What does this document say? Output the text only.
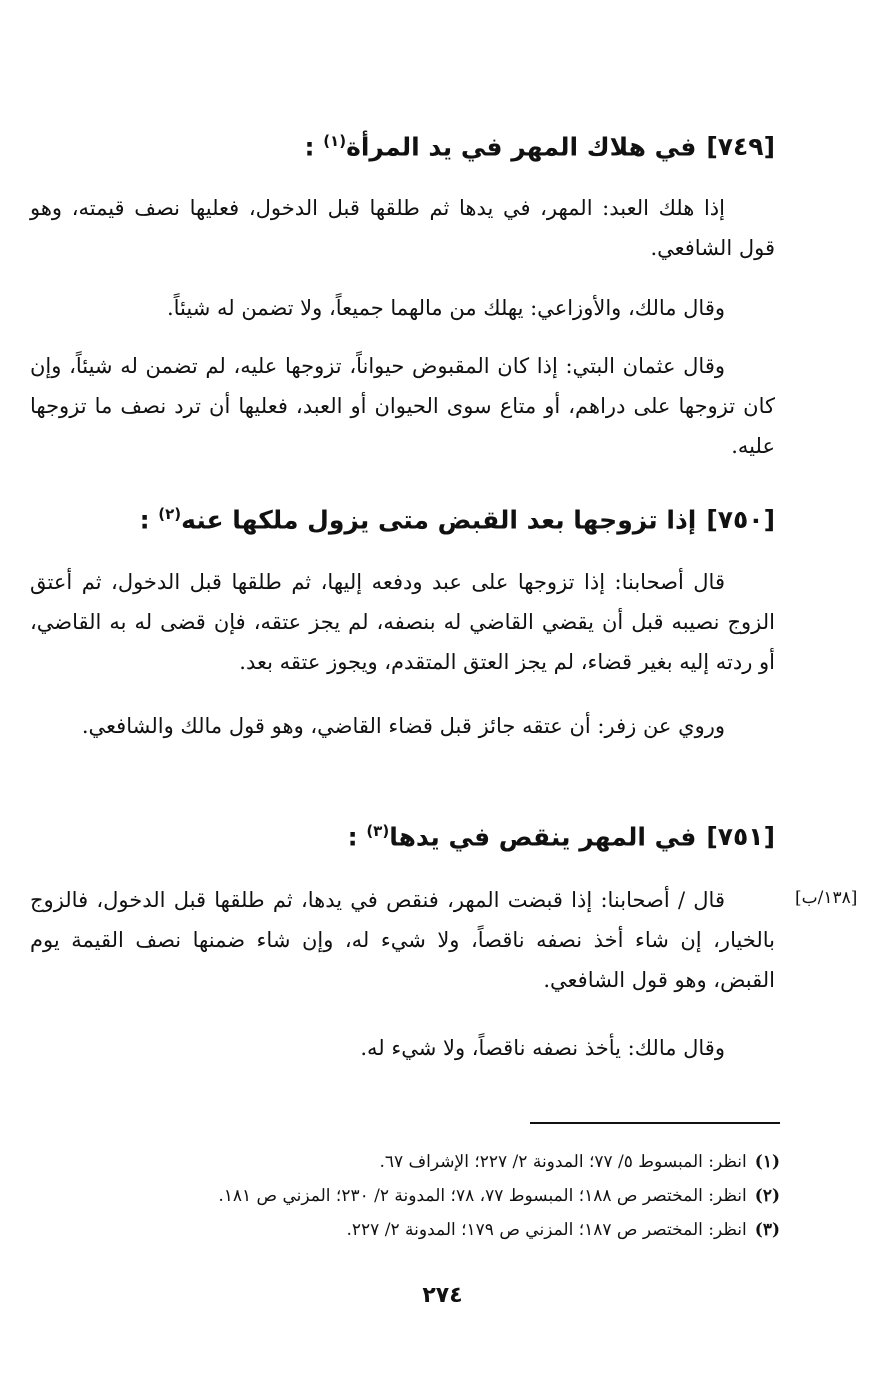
[٧٤٩]في هلاك المهر في يد المرأة$^{(١)}$ :

إذا هلك العبد: المهر، في يدها ثم طلقها قبل الدخول، فعليها نصف قيمته، وهو قول الشافعي.

وقال مالك، والأوزاعي: يهلك من مالهما جميعاً، ولا تضمن له شيئاً.

وقال عثمان البتي: إذا كان المقبوض حيواناً، تزوجها عليه، لم تضمن له شيئاً، وإن كان تزوجها على دراهم، أو متاع سوى الحيوان أو العبد، فعليها أن ترد نصف ما تزوجها عليه.

[٧٥٠]إذا تزوجها بعد القبض متى يزول ملكها عنه$^{(٢)}$ :

قال أصحابنا: إذا تزوجها على عبد ودفعه إليها، ثم طلقها قبل الدخول، ثم أعتق الزوج نصيبه قبل أن يقضي القاضي له بنصفه، لم يجز عتقه، فإن قضى له به القاضي، أو ردته إليه بغير قضاء، لم يجز العتق المتقدم، ويجوز عتقه بعد.

وروي عن زفر: أن عتقه جائز قبل قضاء القاضي، وهو قول مالك والشافعي.

[٧٥١]في المهر ينقص في يدها$^{(٣)}$ :
[١٣٨/ب]

قال / أصحابنا: إذا قبضت المهر، فنقص في يدها، ثم طلقها قبل الدخول، فالزوج بالخيار، إن شاء أخذ نصفه ناقصاً، ولا شيء له، وإن شاء ضمنها نصف القيمة يوم القبض، وهو قول الشافعي.

وقال مالك: يأخذ نصفه ناقصاً، ولا شيء له.

(١)انظر: المبسوط ٥/ ٧٧؛ المدونة ٢/ ٢٢٧؛ الإشراف ٦٧.
(٢)انظر: المختصر ص ١٨٨؛ المبسوط ٧٧، ٧٨؛ المدونة ٢/ ٢٣٠؛ المزني ص ١٨١.
(٣)انظر: المختصر ص ١٨٧؛ المزني ص ١٧٩؛ المدونة ٢/ ٢٢٧.
٢٧٤
